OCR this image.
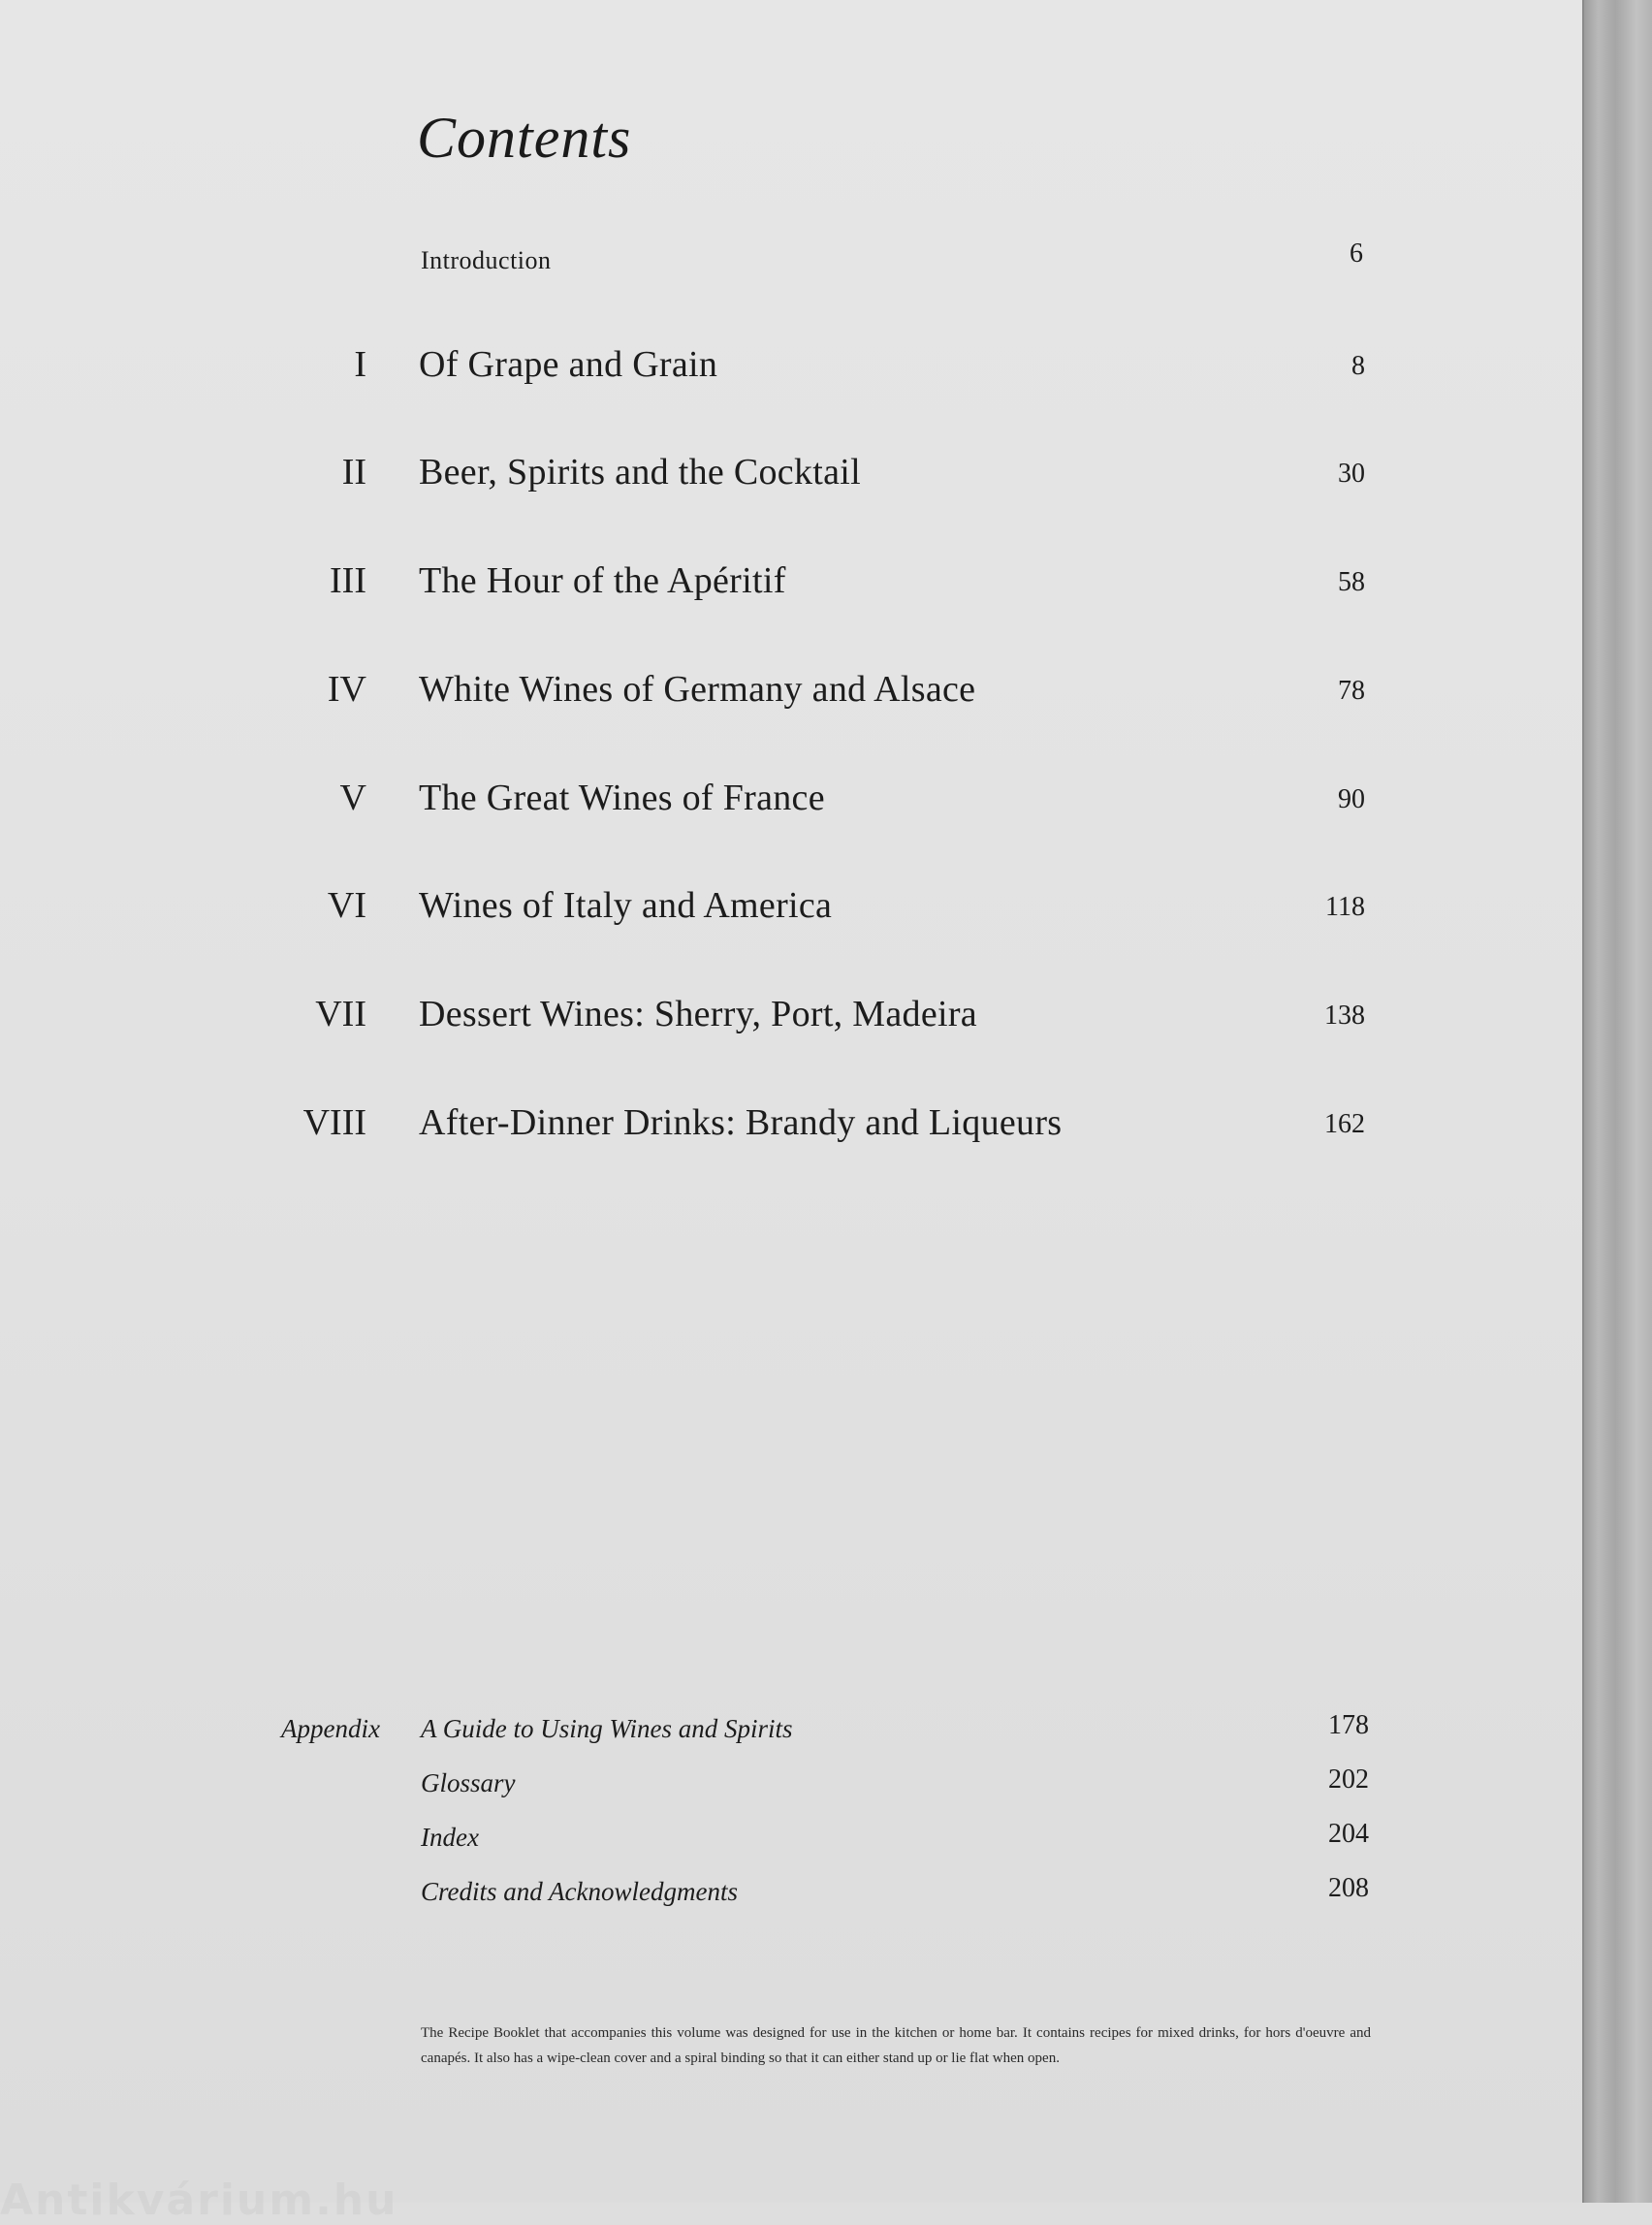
Contents
Introduction	6
I Of Grape and Grain	8
II Beer, Spirits and the Cocktail	30
III The Hour of the Apéritif	58
IV White Wines of Germany and Alsace	78
V The Great Wines of France	90
VI Wines of Italy and America	118
VII Dessert Wines: Sherry, Port, Madeira	138
VIII After-Dinner Drinks: Brandy and Liqueurs	162
Appendix A Guide to Using Wines and Spirits	178
Glossary	202
Index	204
Credits and Acknowledgments	208
The Recipe Booklet that accompanies this volume was designed for use in the kitchen or home bar. It contains recipes for mixed drinks, for hors d'oeuvre and canapés. It also has a wipe-clean cover and a spiral binding so that it can either stand up or lie flat when open.
Antikvárium.hu
